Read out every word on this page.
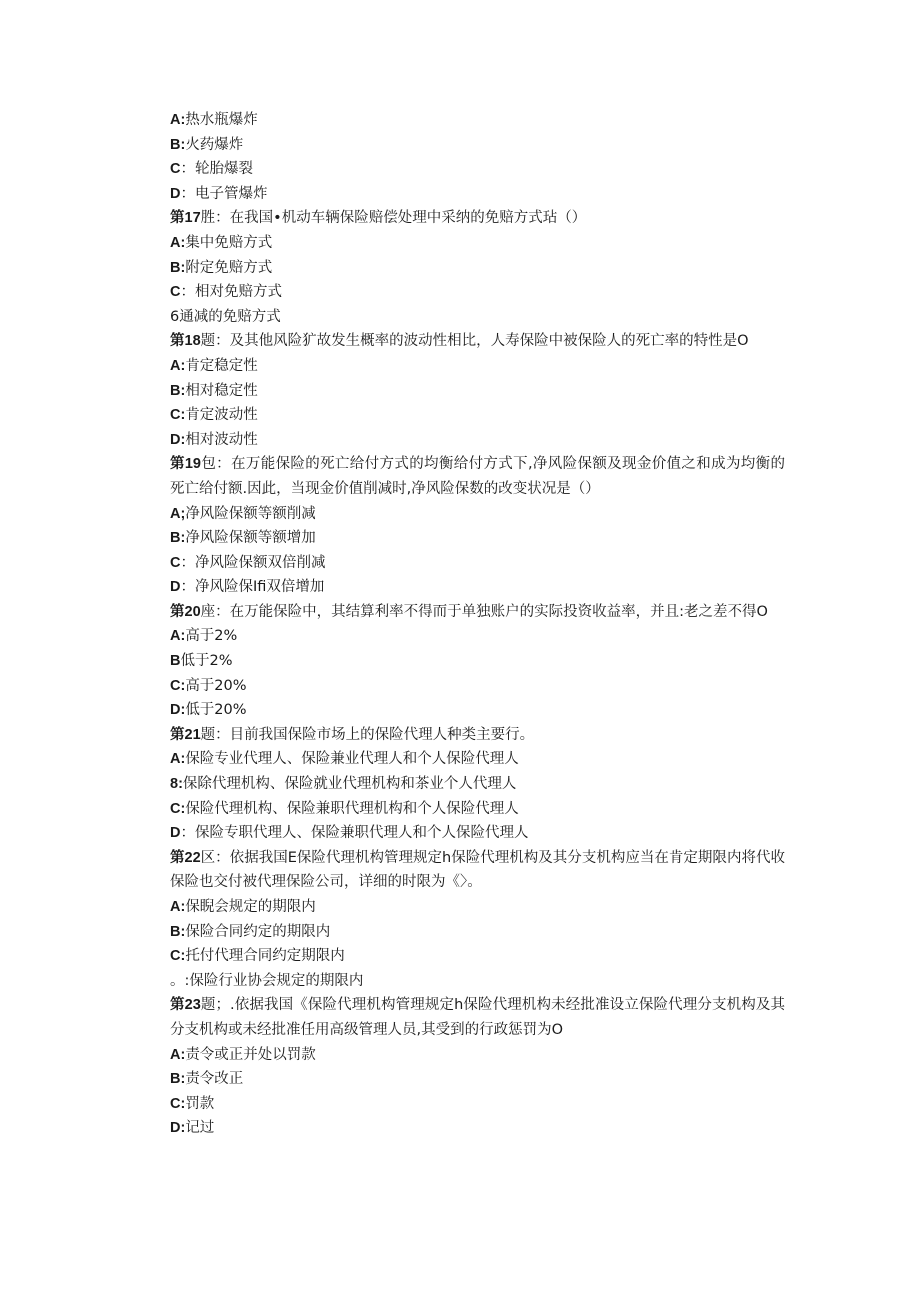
A:热水瓶爆炸
B:火药爆炸
C：轮胎爆裂
D：电子管爆炸
第17胜：在我国•机动车辆保险赔偿处理中采纳的免赔方式玷（）
A:集中免赔方式
B:附定免赔方式
C：相对免赔方式
6通减的免赔方式
第18题：及其他风险犷故发生概率的波动性相比，人寿保险中被保险人的死亡率的特性是O
A:肯定稳定性
B:相对稳定性
C:肯定波动性
D:相对波动性
第19包：在万能保险的死亡给付方式的均衡给付方式下,净风险保额及现金价值之和成为均衡的死亡给付额.因此，当现金价值削减时,净风险保数的改变状况是（）
A;净风险保额等额削减
B:净风险保额等额增加
C：净风险保额双倍削减
D：净风险保Ifi双倍增加
第20座：在万能保险中，其结算利率不得而于单独账户的实际投资收益率，并且:老之差不得O
A:高于2%
B低于2%
C:高于20%
D:低于20%
第21题：目前我国保险市场上的保险代理人种类主要行。
A:保险专业代理人、保险兼业代理人和个人保险代理人
8:保除代理机构、保险就业代理机构和茶业个人代理人
C:保险代理机构、保险兼职代理机构和个人保险代理人
D：保险专职代理人、保险兼职代理人和个人保险代理人
第22区：依据我国E保险代理机构管理规定h保险代理机构及其分支机构应当在肯定期限内将代收保险也交付被代理保险公司，详细的时限为《〉。
A:保睨会规定的期限内
B:保险合同约定的期限内
C:托付代理合同约定期限内
。:保险行业协会规定的期限内
第23题；.依据我国《保险代理机构管理规定h保险代理机构未经批准设立保险代理分支机构及其分支机构或未经批准任用高级管理人员,其受到的行政惩罚为O
A:责令或正并处以罚款
B:责令改正
C:罚款
D:记过
